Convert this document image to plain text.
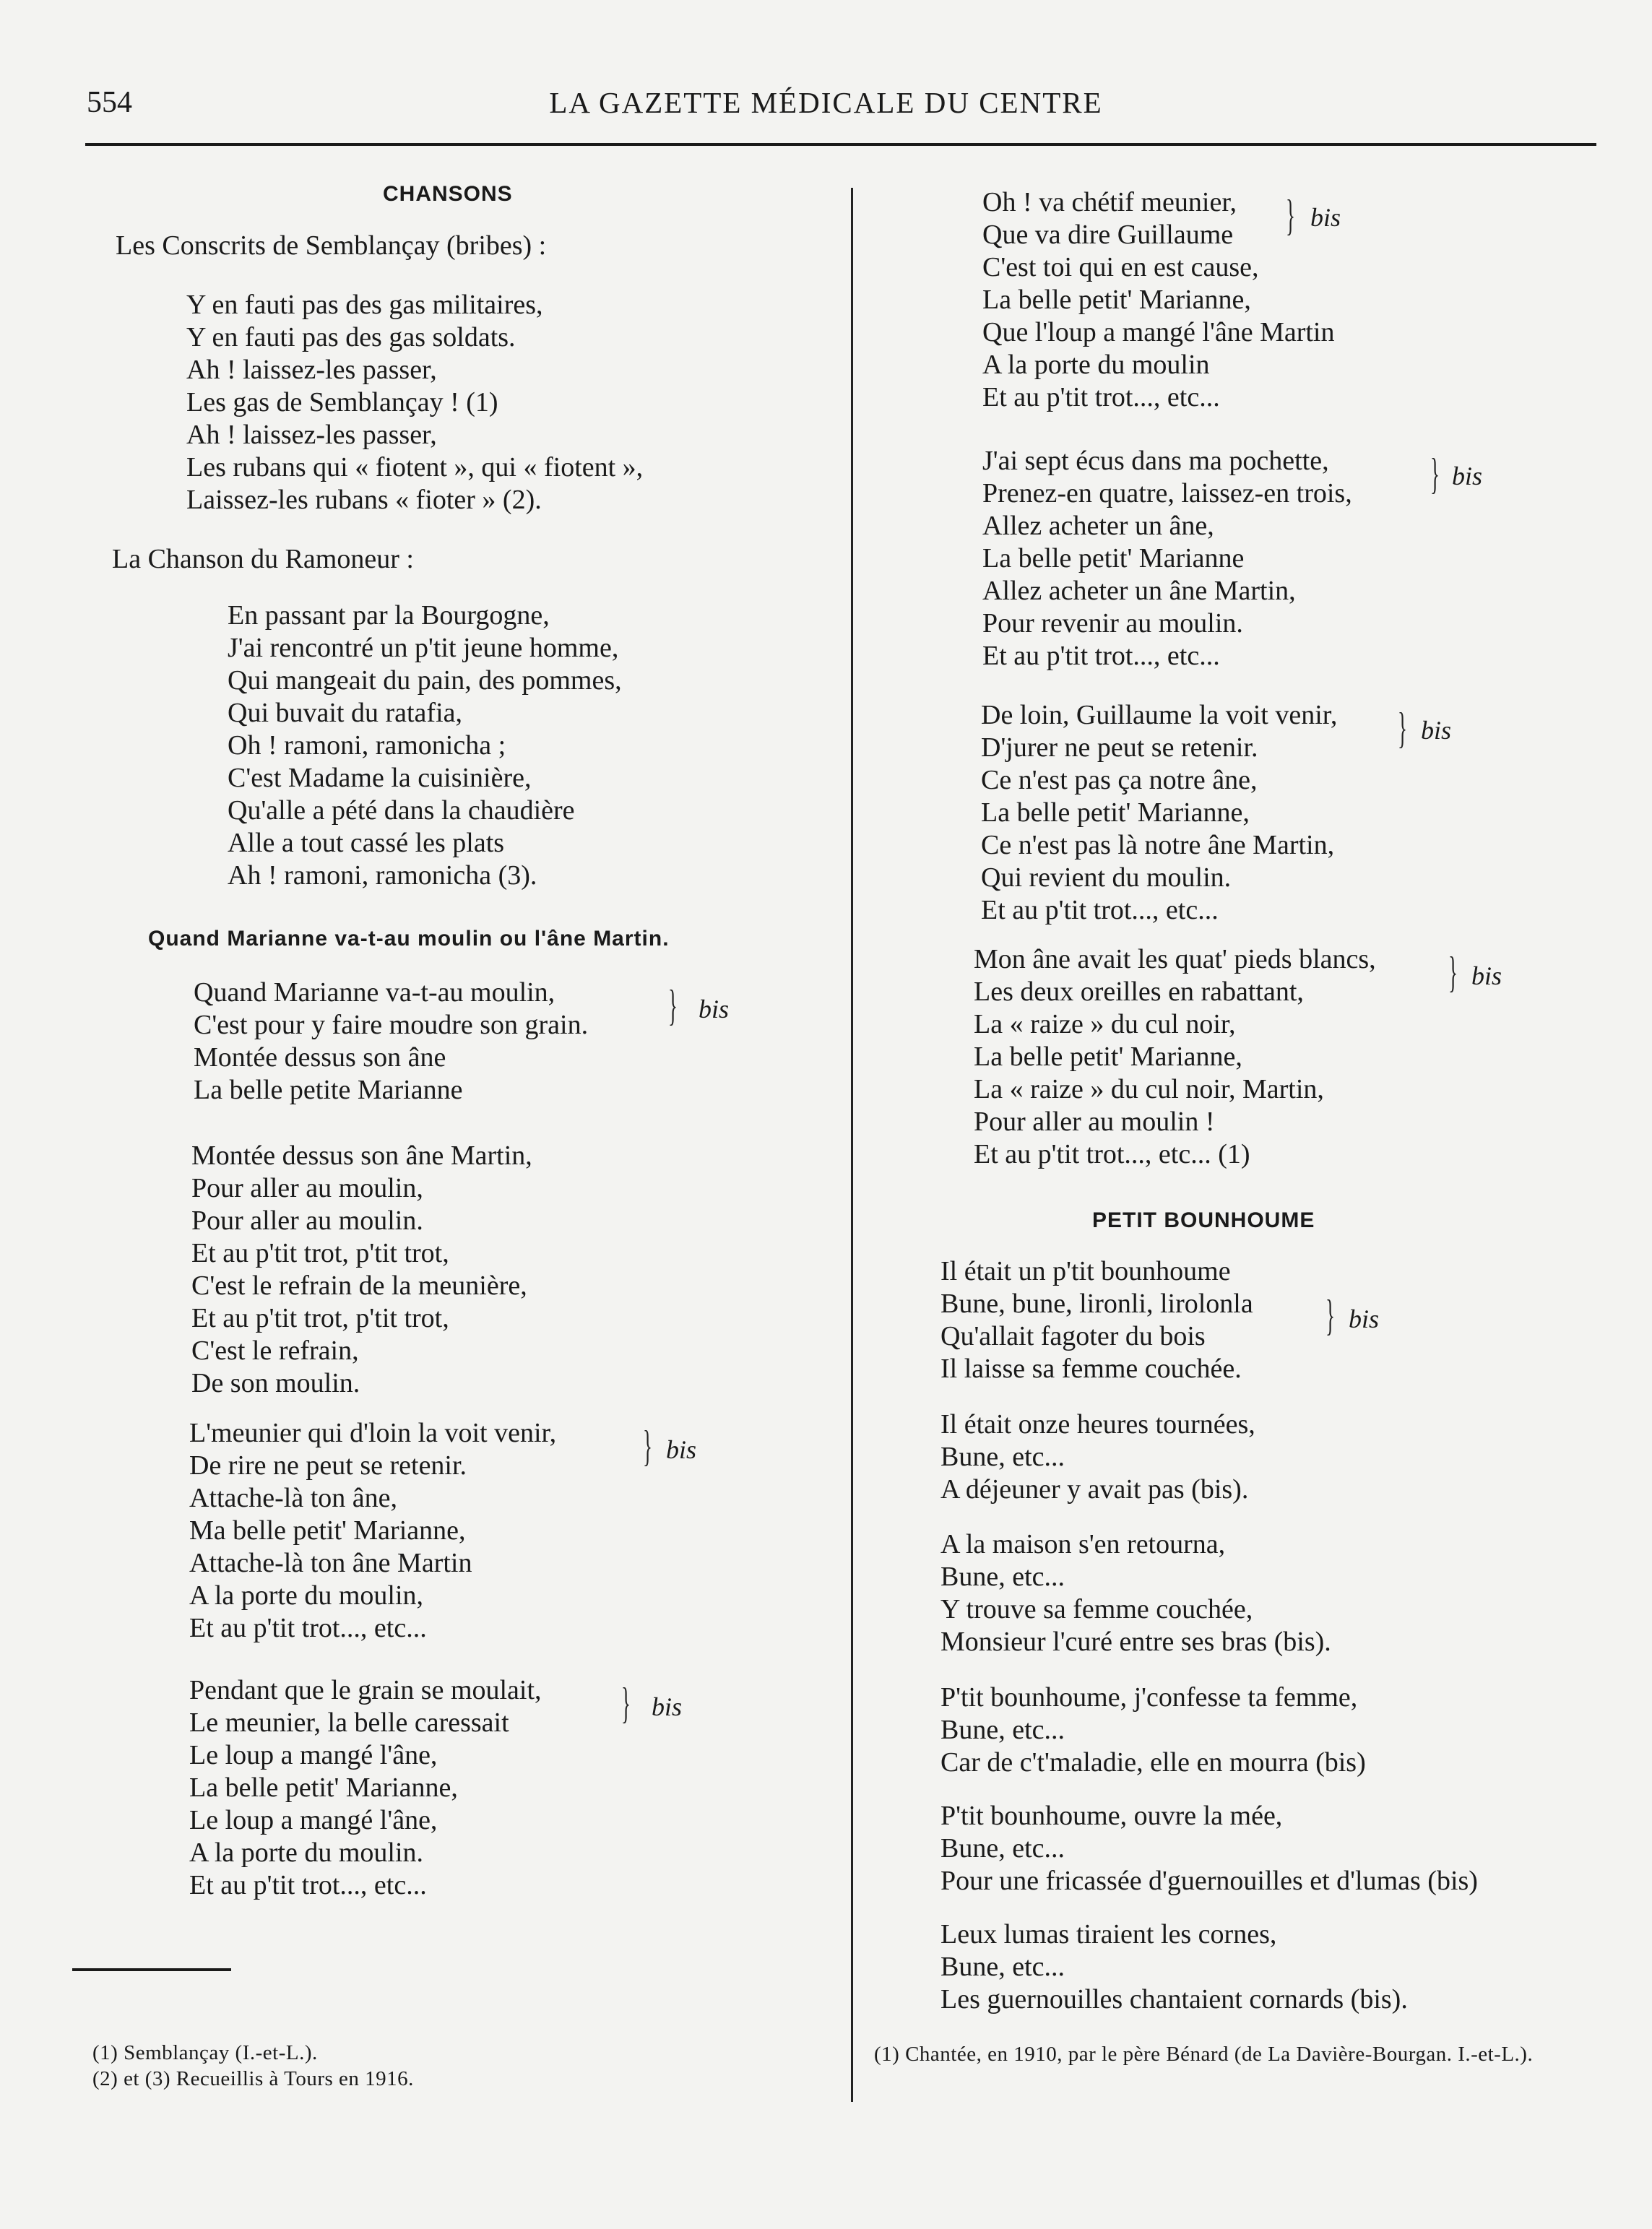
554	LA GAZETTE MÉDICALE DU CENTRE
CHANSONS
Les Conscrits de Semblançay (bribes) :
Y en fauti pas des gas militaires,
Y en fauti pas des gas soldats.
Ah ! laissez-les passer,
Les gas de Semblançay ! (1)
Ah ! laissez-les passer,
Les rubans qui « fiotent », qui « fiotent »,
Laissez-les rubans « fioter » (2).
La Chanson du Ramoneur :
En passant par la Bourgogne,
J'ai rencontré un p'tit jeune homme,
Qui mangeait du pain, des pommes,
Qui buvait du ratafia,
Oh ! ramoni, ramonicha ;
C'est Madame la cuisinière,
Qu'alle a pété dans la chaudière
Alle a tout cassé les plats
Ah ! ramoni, ramonicha (3).
Quand Marianne va-t-au moulin ou l'âne Martin.
Quand Marianne va-t-au moulin,
C'est pour y faire moudre son grain.
Montée dessus son âne
La belle petite Marianne
} bis
Montée dessus son âne Martin,
Pour aller au moulin,
Pour aller au moulin.
Et au p'tit trot, p'tit trot,
C'est le refrain de la meunière,
Et au p'tit trot, p'tit trot,
C'est le refrain,
De son moulin.
L'meunier qui d'loin la voit venir,
De rire ne peut se retenir.
Attache-là ton âne,
Ma belle petit' Marianne,
Attache-là ton âne Martin
A la porte du moulin,
Et au p'tit trot..., etc...
} bis
Pendant que le grain se moulait,
Le meunier, la belle caressait
Le loup a mangé l'âne,
La belle petit' Marianne,
Le loup a mangé l'âne,
A la porte du moulin.
Et au p'tit trot..., etc...
} bis
(1) Semblançay (I.-et-L.).
(2) et (3) Recueillis à Tours en 1916.
Oh ! va chétif meunier,
Que va dire Guillaume
C'est toi qui en est cause,
La belle petit' Marianne,
Que l'loup a mangé l'âne Martin
A la porte du moulin
Et au p'tit trot..., etc...
} bis
J'ai sept écus dans ma pochette,
Prenez-en quatre, laissez-en trois,
Allez acheter un âne,
La belle petit' Marianne
Allez acheter un âne Martin,
Pour revenir au moulin.
Et au p'tit trot..., etc...
} bis
De loin, Guillaume la voit venir,
D'jurer ne peut se retenir.
Ce n'est pas ça notre âne,
La belle petit' Marianne,
Ce n'est pas là notre âne Martin,
Qui revient du moulin.
Et au p'tit trot..., etc...
} bis
Mon âne avait les quat' pieds blancs,
Les deux oreilles en rabattant,
La « raize » du cul noir,
La belle petit' Marianne,
La « raize » du cul noir, Martin,
Pour aller au moulin !
Et au p'tit trot..., etc... (1)
} bis
PETIT BOUNHOUME
Il était un p'tit bounhoume
Bune, bune, lironli, lirolonla
Qu'allait fagoter du bois
Il laisse sa femme couchée.
} bis
Il était onze heures tournées,
Bune, etc...
A déjeuner y avait pas (bis).
A la maison s'en retourna,
Bune, etc...
Y trouve sa femme couchée,
Monsieur l'curé entre ses bras (bis).
P'tit bounhoume, j'confesse ta femme,
Bune, etc...
Car de c't'maladie, elle en mourra (bis)
P'tit bounhoume, ouvre la mée,
Bune, etc...
Pour une fricassée d'guernouilles et d'lumas (bis)
Leux lumas tiraient les cornes,
Bune, etc...
Les guernouilles chantaient cornards (bis).
(1) Chantée, en 1910, par le père Bénard (de La Davière-Bourgan. I.-et-L.).
